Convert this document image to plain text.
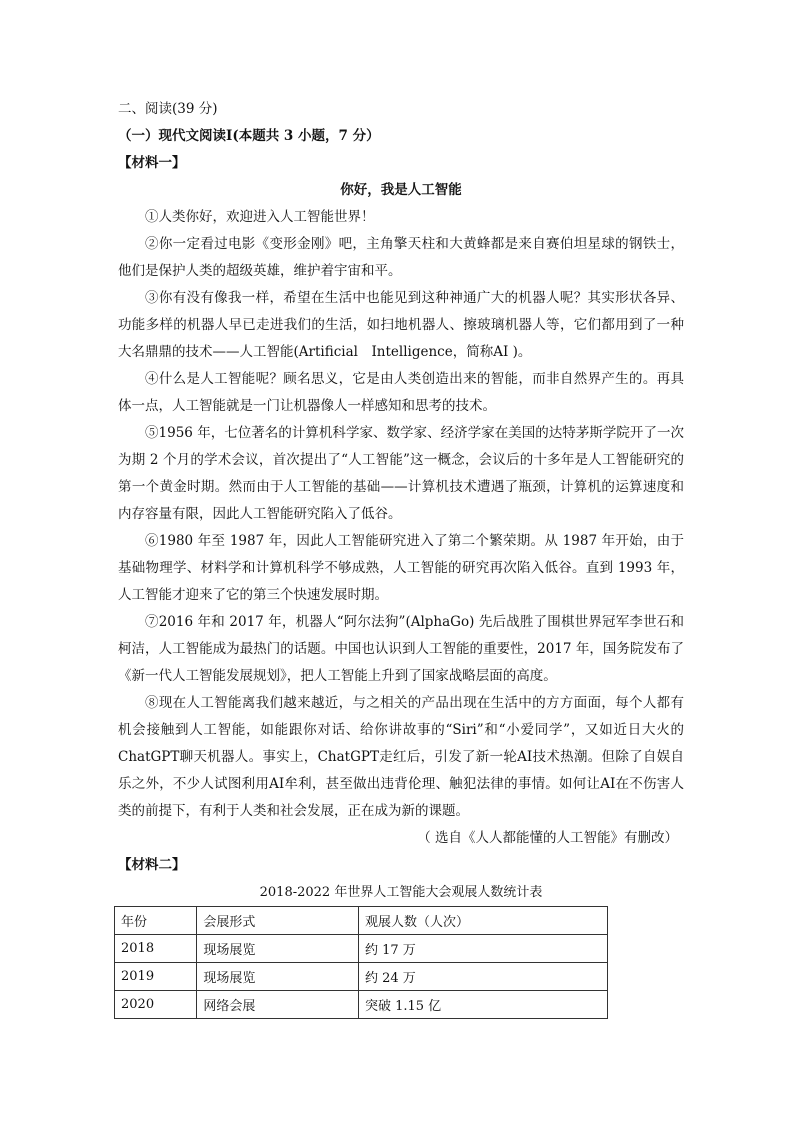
二、阅读(39 分)
（一）现代文阅读Ⅰ(本题共 3 小题，7 分）
【材料一】
你好，我是人工智能

①人类你好，欢迎进入人工智能世界！

②你一定看过电影《变形金刚》吧，主角擎天柱和大黄蜂都是来自赛伯坦星球的钢铁士，他们是保护人类的超级英雄，维护着宇宙和平。

③你有没有像我一样，希望在生活中也能见到这种神通广大的机器人呢？其实形状各异、功能多样的机器人早已走进我们的生活，如扫地机器人、擦玻璃机器人等，它们都用到了一种大名鼎鼎的技术——人工智能(Artificial　Intelligence，简称AI )。

④什么是人工智能呢？顾名思义，它是由人类创造出来的智能，而非自然界产生的。再具体一点，人工智能就是一门让机器像人一样感知和思考的技术。

⑤1956 年，七位著名的计算机科学家、数学家、经济学家在美国的达特茅斯学院开了一次为期 2 个月的学术会议，首次提出了“人工智能”这一概念，会议后的十多年是人工智能研究的第一个黄金时期。然而由于人工智能的基础——计算机技术遭遇了瓶颈，计算机的运算速度和内存容量有限，因此人工智能研究陷入了低谷。

⑥1980 年至 1987 年，因此人工智能研究进入了第二个繁荣期。从 1987 年开始，由于基础物理学、材料学和计算机科学不够成熟，人工智能的研究再次陷入低谷。直到 1993 年，人工智能才迎来了它的第三个快速发展时期。

⑦2016 年和 2017 年，机器人“阿尔法狗”(AlphaGo) 先后战胜了围棋世界冠军李世石和柯洁，人工智能成为最热门的话题。中国也认识到人工智能的重要性，2017 年，国务院发布了《新一代人工智能发展规划》，把人工智能上升到了国家战略层面的高度。

⑧现在人工智能离我们越来越近，与之相关的产品出现在生活中的方方面面，每个人都有机会接触到人工智能，如能跟你对话、给你讲故事的“Siri”和“小爱同学”，又如近日大火的ChatGPT聊天机器人。事实上，ChatGPT走红后，引发了新一轮AI技术热潮。但除了自娱自乐之外，不少人试图利用AI牟利，甚至做出违背伦理、触犯法律的事情。如何让AI在不伤害人类的前提下，有利于人类和社会发展，正在成为新的课题。

（ 选自《人人都能懂的人工智能》有删改）
【材料二】
2018-2022 年世界人工智能大会观展人数统计表
年份	会展形式	观展人数（人次）
2018	现场展览	约 17 万
2019	现场展览	约 24 万
2020	网络会展	突破 1.15 亿
